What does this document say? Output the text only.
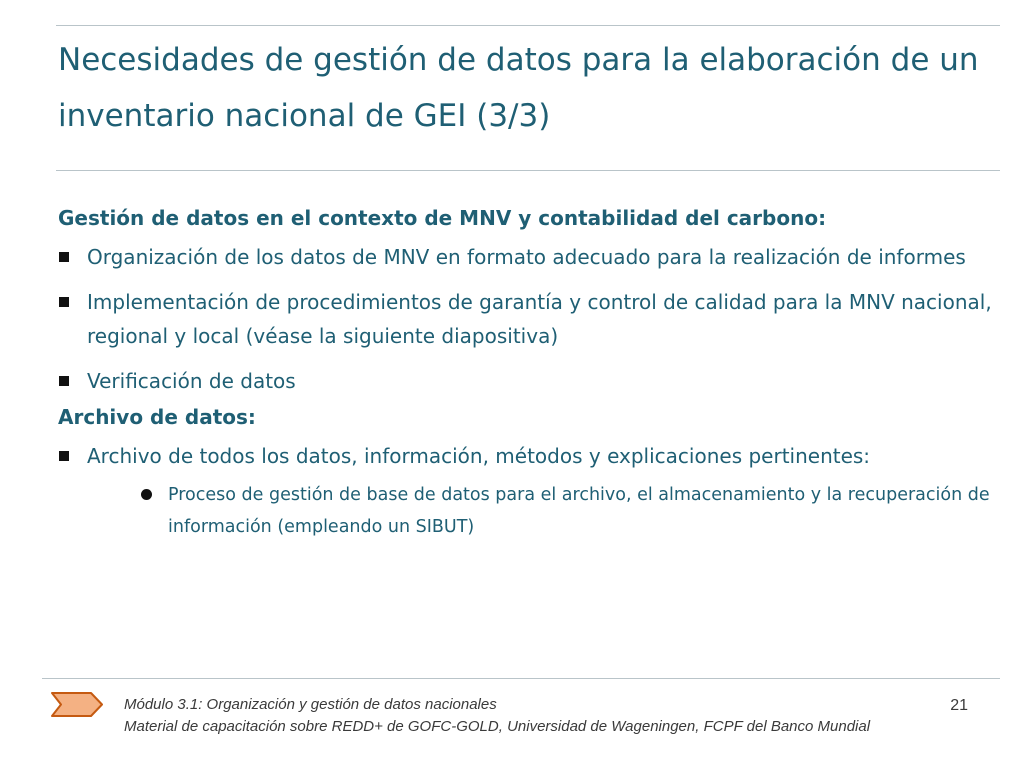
Necesidades de gestión de datos para la elaboración de un inventario nacional de GEI (3/3)
Gestión de datos en el contexto de MNV y contabilidad del carbono:
Organización de los datos de MNV en formato adecuado para la realización de informes
Implementación de procedimientos de garantía y control de calidad para la MNV nacional, regional y local (véase la siguiente diapositiva)
Verificación de datos
Archivo de datos:
Archivo de todos los datos, información, métodos y explicaciones pertinentes:
Proceso de gestión de base de datos para el archivo, el almacenamiento y la recuperación de información (empleando un SIBUT)

Módulo 3.1: Organización y gestión de datos nacionales
Material de capacitación sobre REDD+ de GOFC-GOLD, Universidad de Wageningen, FCPF del Banco Mundial

21
